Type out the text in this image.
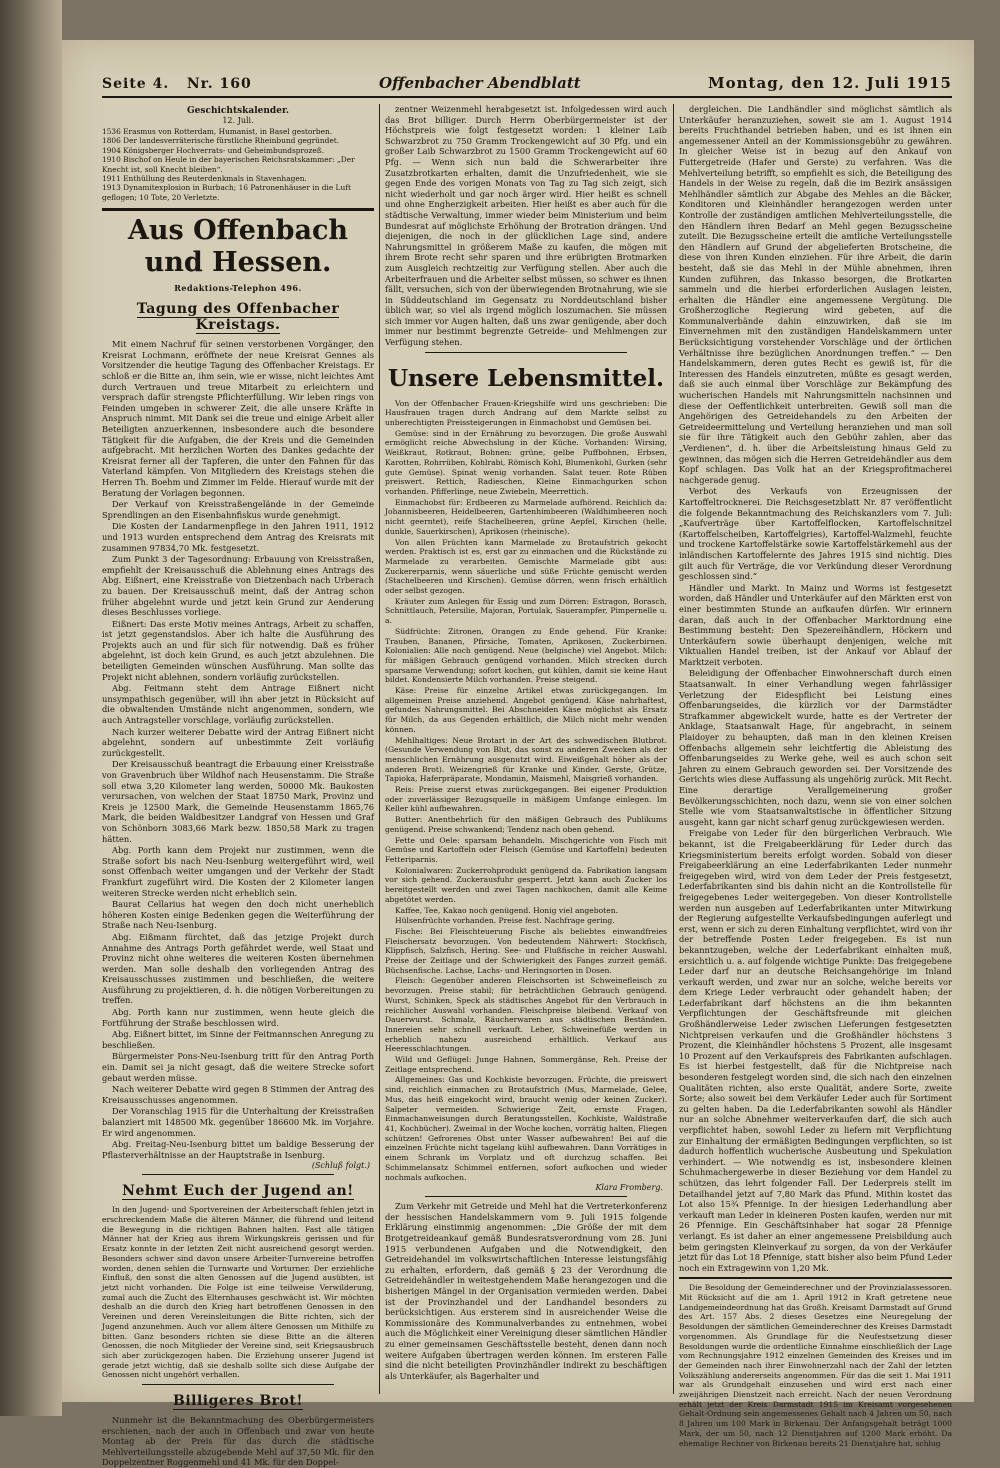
Seite 4. Nr. 160	Offenbacher Abendblatt	Montag, den 12. Juli 1915
Geschichtskalender.
12. Juli.

1536 Erasmus von Rotterdam, Humanist, in Basel gestorben.

1806 Der landesverräterische fürstliche Rheinbund gegründet.

1904 Königsberger Hochverrats- und Geheimbundsprozeß.

1910 Bischof on Heule in der bayerischen Reichsratskammer: „Der Knecht ist, soll Knecht bleiben“.

1911 Enthüllung des Reuterdenkmals in Stavenhagen.

1913 Dynamitexplosion in Burbach; 16 Patronenhäuser in die Luft geflogen; 10 Tote, 20 Verletzte.

Aus Offenbach und Hessen.
Redaktions-Telephon 496.
Tagung des Offenbacher Kreistags.

Mit einem Nachruf für seinen verstorbenen Vorgänger, den Kreisrat Lochmann, eröffnete der neue Kreisrat Gennes als Vorsitzender die heutige Tagung des Offenbacher Kreistags. Er schloß er die Bitte an, ihm sein, wie er wisse, nicht leichtes Amt durch Vertrauen und treue Mitarbeit zu erleichtern und versprach dafür strengste Pflichterfüllung. Wir leben rings von Feinden umgeben in schwerer Zeit, die alle unsere Kräfte in Anspruch nimmt. Mit Dank sei die treue und einige Arbeit aller Beteiligten anzuerkennen, insbesondere auch die besondere Tätigkeit für die Aufgaben, die der Kreis und die Gemeinden aufgebracht. Mit herzlichen Worten des Dankes gedachte der Kreisrat ferner all der Tapferen, die unter den Fahnen für das Vaterland kämpfen. Von Mitgliedern des Kreistags stehen die Herren Th. Boehm und Zimmer im Felde. Hierauf wurde mit der Beratung der Vorlagen begonnen.

Der Verkauf von Kreisstraßengelände in der Gemeinde Sprendlingen an den Eisenbahnfiskus wurde genehmigt.

Die Kosten der Landarmenpflege in den Jahren 1911, 1912 und 1913 wurden entsprechend dem Antrag des Kreisrats mit zusammen 97834,70 Mk. festgesetzt.

Zum Punkt 3 der Tagesordnung: Erbauung von Kreisstraßen, empfiehlt der Kreisausschuß die Ablehnung eines Antrags des Abg. Eißnert, eine Kreisstraße von Dietzenbach nach Urberach zu bauen. Der Kreisausschuß meint, daß der Antrag schon früher abgelehnt wurde und jetzt kein Grund zur Aenderung dieses Beschlusses vorliege.

Eißnert: Das erste Motiv meines Antrags, Arbeit zu schaffen, ist jetzt gegenstandslos. Aber ich halte die Ausführung des Projekts auch an und für sich für notwendig. Daß es früher abgelehnt, ist doch kein Grund, es auch jetzt abzulehnen. Die beteiligten Gemeinden wünschen Ausführung. Man sollte das Projekt nicht ablehnen, sondern vorläufig zurückstellen.

Abg. Feitmann steht dem Antrage Eißnert nicht unsympathisch gegenüber, will ihn aber jetzt in Rücksicht auf die obwaltenden Umstände nicht angenommen, sondern, wie auch Antragsteller vorschlage, vorläufig zurückstellen.

Nach kurzer weiterer Debatte wird der Antrag Eißnert nicht abgelehnt, sondern auf unbestimmte Zeit vorläufig zurückgestellt.

Der Kreisausschuß beantragt die Erbauung einer Kreisstraße von Gravenbruch über Wildhof nach Heusenstamm. Die Straße soll etwa 3,20 Kilometer lang werden, 50000 Mk. Baukosten verursachen, von welchen der Staat 18750 Mark, Provinz und Kreis je 12500 Mark, die Gemeinde Heusenstamm 1865,76 Mark, die beiden Waldbesitzer Landgraf von Hessen und Graf von Schönborn 3083,66 Mark bezw. 1850,58 Mark zu tragen hätten.

Abg. Porth kann dem Projekt nur zustimmen, wenn die Straße sofort bis nach Neu-Isenburg weitergeführt wird, weil sonst Offenbach weiter umgangen und der Verkehr der Stadt Frankfurt zugeführt wird. Die Kosten der 2 Kilometer langen weiteren Strecke werden nicht erheblich sein.

Baurat Cellarius hat wegen den doch nicht unerheblich höheren Kosten einige Bedenken gegen die Weiterführung der Straße nach Neu-Isenburg.

Abg. Eißmann fürchtet, daß das jetzige Projekt durch Annahme des Antrags Porth gefährdet werde, weil Staat und Provinz nicht ohne weiteres die weiteren Kosten übernehmen werden. Man solle deshalb den vorliegenden Antrag des Kreisausschusses zustimmen und beschließen, die weitere Ausführung zu projektieren, d. h. die nötigen Vorbereitungen zu treffen.

Abg. Porth kann nur zustimmen, wenn heute gleich die Fortführung der Straße beschlossen wird.

Abg. Eißnert bittet, im Sinne der Feitmannschen Anregung zu beschließen.

Bürgermeister Pons-Neu-Isenburg tritt für den Antrag Porth ein. Damit sei ja nicht gesagt, daß die weitere Strecke sofort gebaut werden müsse.

Nach weiterer Debatte wird gegen 8 Stimmen der Antrag des Kreisausschusses angenommen.

Der Voranschlag 1915 für die Unterhaltung der Kreisstraßen balanziert mit 148500 Mk. gegenüber 186600 Mk. im Vorjahre. Er wird angenommen.

Abg. Freitag-Neu-Isenburg bittet um baldige Besserung der Pflasterverhältnisse an der Hauptstraße in Isenburg.

(Schluß folgt.)
Nehmt Euch der Jugend an!

In den Jugend- und Sportvereinen der Arbeiterschaft fehlen jetzt in erschreckendem Maße die älteren Männer, die führend und leitend die Bewegung in die richtigen Bahnen halten. Fast alle tätigen Männer hat der Krieg aus ihrem Wirkungskreis gerissen und für Ersatz konnte in der letzten Zeit nicht ausreichend gesorgt werden. Besonders schwer sind davon unsere Arbeiter-Turnvereine betroffen worden, denen sehlen die Turnwarte und Vorturner. Der erziehliche Einfluß, den sonst die alten Genossen auf die Jugend ausübten, ist jetzt nicht vorhanden. Die Folge ist eine teilweise Verwilderung, zumal auch die Zucht des Elternhauses geschwächt ist. Wir möchten deshalb an die durch den Krieg hart betroffenen Genossen in den Vereinen und deren Vereinsleitungen die Bitte richten, sich der Jugend anzunehmen. Auch vor allem ältere Genossen um Mithilfe zu bitten. Ganz besonders richten sie diese Bitte an die älteren Genossen, die noch Mitglieder der Vereine sind, seit Kriegsausbruch sich aber zurückgezogen haben. Die Erziehung unserer Jugend ist gerade jetzt wichtig, daß sie deshalb sollte sich diese Aufgabe der Genossen nicht ungehört verhallen.

Billigeres Brot!

Nunmehr ist die Bekanntmachung des Oberbürgermeisters erschienen, nach der auch in Offenbach und zwar von heute Montag ab der Preis für das durch die städtische Mehlverteilungsstelle abzugebende Mehl auf 37,50 Mk. für den Doppelzentner Roggenmehl und 41 Mk. für den Doppel-

zentner Weizenmehl herabgesetzt ist. Infolgedessen wird auch das Brot billiger. Durch Herrn Oberbürgermeister ist der Höchstpreis wie folgt festgesetzt worden: 1 kleiner Laib Schwarzbrot zu 750 Gramm Trockengewicht auf 30 Pfg. und ein großer Laib Schwarzbrot zu 1500 Gramm Trockengewicht auf 60 Pfg. — Wenn sich nun bald die Schwerarbeiter ihre Zusatzbrotkarten erhalten, damit die Unzufriedenheit, wie sie gegen Ende des vorigen Monats von Tag zu Tag sich zeigt, sich nicht wiederholt und gar noch ärger wird. Hier heißt es schnell und ohne Engherzigkeit arbeiten. Hier heißt es aber auch für die städtische Verwaltung, immer wieder beim Ministerium und beim Bundesrat auf möglichste Erhöhung der Brotration drängen. Und diejenigen, die noch in der glücklichen Lage sind, andere Nahrungsmittel in größerem Maße zu kaufen, die mögen mit ihrem Brote recht sehr sparen und ihre erübrigten Brotmarken zum Ausgleich rechtzeitig zur Verfügung stellen. Aber auch die Arbeiterfrauen und die Arbeiter selbst müssen, so schwer es ihnen fällt, versuchen, sich von der überwiegenden Brotnahrung, wie sie in Süddeutschland im Gegensatz zu Norddeutschland bisher üblich war, so viel als irgend möglich loszumachen. Sie müssen sich immer vor Augen halten, daß uns zwar genügende, aber doch immer nur bestimmt begrenzte Getreide- und Mehlmengen zur Verfügung stehen.

Unsere Lebensmittel.

Von der Offenbacher Frauen-Kriegshilfe wird uns geschrieben: Die Hausfrauen tragen durch Andrang auf dem Markte selbst zu unberechtigten Preissteigerungen in Einmachobst und Gemüsen bei.

Gemüse: sind in der Ernährung zu bevorzugen. Die große Auswahl ermöglicht reiche Abwechslung in der Küche. Vorhanden: Wirsing, Weißkraut, Rotkraut, Bohnen: grüne, gelbe Puffbohnen, Erbsen, Karotten, Rohrrüben, Kohlrabi, Römisch Kohl, Blumenkohl, Gurken (sehr gute Gemüse). Spinat wenig vorhanden. Salat teuer. Rote Rüben preiswert. Rettich, Radieschen, Kleine Einmachgurken schon vorhanden. Pfifferlinge, neue Zwiebeln, Meerrettich.

Einmachobst für: Erdbeeren zu Marmelade aufhörend. Reichlich da: Johannisbeeren, Heidelbeeren, Gartenhimbeeren (Waldhimbeeren noch nicht geerntet), reife Stachelbeeren, grüne Aepfel, Kirschen (helle, dunkle, Sauerkirschen), Aprikosen (rheinische).

Von allen Früchten kann Marmelade zu Brotaufstrich gekocht werden. Praktisch ist es, erst gar zu einmachen und die Rückstände zu Marmelade zu verarbeiten. Gemischte Marmelade gibt aus: Zuckererparnis, wenn säuerliche und süße Früchte gemischt werden (Stachelbeeren und Kirschen). Gemüse dörren, wenn frisch erhältlich oder selbst gezogen.

Kräuter zum Anlegen für Essig und zum Dörren: Estragon, Borasch, Schnittlauch, Petersilie, Majoran, Portulak, Sauerampfer, Pimpernelle u. a.

Südfrüchte: Zitronen, Orangen zu Ende gehend. Für Kranke: Trauben, Bananen, Pfirsiche, Tomaten, Aprikosen, Zuckerbirnen. Kolonialien: Alle noch genügend. Neue (belgische) viel Angebot. Milch: für mäßigen Gebrauch genügend vorhanden. Milch strecken durch sparsame Verwendung; sofort kochen, gut kühlen, damit sie keine Haut bildet. Kondensierte Milch vorhanden. Preise steigend.

Käse: Preise für einzelne Artikel etwas zurückgegangen. Im allgemeinen Preise anziehend. Angebot genügend. Käse nahrhaftest, gefundes Nahrungsmittel. Bei Abschneiden Käse möglichst als Ersatz für Milch, da aus Gegenden erhältlich, die Milch nicht mehr wenden können.

Mehlhaltiges: Neue Brotart in der Art des schwedischen Blutbrot. (Gesunde Verwendung von Blut, das sonst zu anderen Zwecken als der menschlichen Ernährung ausgenutzt wird. Eiweißgehalt höher als der anderen Brot). Weizengrieß für Kranke und Kinder. Gerste, Grütze, Tapioka, Haferpräparate, Mondamin, Maismehl, Maisgrieß vorhanden.

Reis: Preise zuerst etwas zurückgegangen. Bei eigener Produktion oder zuverlässiger Bezugsquelle in mäßigem Umfange einlegen. Im Keller kühl aufbewahren.

Butter: Anentbehrlich für den mäßigen Gebrauch des Publikums genügend. Preise schwankend; Tendenz nach oben gehend.

Fette und Oele: sparsam behandeln. Mischgerichte von Fisch mit Gemüse und Kartoffeln oder Fleisch (Gemüse und Kartoffeln) bedeuten Fetteriparnis.

Kolonialwaren: Zuckerrohprodukt genügend da. Fabrikation langsam vor sich gehend. Zuckerausfuhr gesperrt. Jetzt kann auch Zucker los bereitgestellt werden und zwei Tagen nachkochen, damit alle Keime abgetötet werden.

Kaffee, Tee, Kakao noch genügend. Honig viel angeboten.

Hülsenfrüchte vorhanden. Preise fest. Nachfrage gering.

Fische: Bei Fleischteuerung Fische als beliebtes einwandfreies Fleischersatz bevorzugen. Von bedeutendem Nährwert: Stockfisch, Klippfisch, Salzfisch, Hering. See- und Flußfische in reicher Auswahl. Preise der Zeitlage und der Schwierigkeit des Fanges zurzeit gemäß. Büchsenfische. Lachse, Lachs- und Heringsorten in Dosen.

Fleisch: Gegenüber anderen Fleischsorten ist Schweinefleisch zu bevorzugen. Preise stabil; für beträchtlichen Gebrauch genügend. Wurst, Schinken, Speck als städtisches Angebot für den Verbrauch in reichlicher Auswahl vorhanden. Fleischpreise bleibend. Verkauf von Dauerwurst. Schmalz, Räucherwaren aus städtischen Beständen. Innereien sehr schnell verkauft. Leber, Schweinefüße werden in erheblich nahezu ausreichend erhältlich. Verkauf aus Heeresschlachtungen.

Wild und Geflügel: Junge Hahnen, Sommergänse, Reh. Preise der Zeitlage entsprechend.

Allgemeines: Gas und Kochkiste bevorzugen. Früchte, die preiswert sind, reichlich einmachen zu Brotaufstrich (Mus, Marmelade, Gelee, Mus, das heiß eingekocht wird, braucht wenig oder keinen Zucker). Salpeter vermeiden. Schwierige Zeit, ernste Fragen, Einmachanweisungen durch Beratungsstellen, Kochkiste, Waldstraße 41, Kochbücher). Zweimal in der Woche kochen, vorrätig halten, Fliegen schützen! Gefrorenes Obst unter Wasser aufbewahren! Bei auf die einzelnen Früchte nicht tagelang kühl aufbewahren. Dann Vorrätiges in einem Schrank im Vorplatz und oft durchzug schaffen. Bei Schimmelansatz Schimmel entfernen, sofort aufkochen und wieder nochmals aufkochen.

Klara Fromberg.

Zum Verkehr mit Getreide und Mehl hat die Vertreterkonferenz der hessischen Handelskammern vom 9. Juli 1915 folgende Erklärung einstimmig angenommen: „Die Größe der mit dem Brotgetreideankauf gemäß Bundesratsverordnung vom 28. Juni 1915 verbundenen Aufgaben und die Notwendigkeit, den Getreidehandel im volkswirtschaftlichen Interesse leistungsfähig zu erhalten, erfordern, daß gemäß § 23 der Verordnung die Getreidehändler in weitestgehendem Maße herangezogen und die bisherigen Mängel in der Organisation vermieden werden. Dabei ist der Provinzhandel und der Landhandel besonders zu berücksichtigen. Aus ersterem sind in ausreichender Weise die Kommissionäre des Kommunalverbandes zu entnehmen, wobei auch die Möglichkeit einer Vereinigung dieser sämtlichen Händler zu einer gemeinsamen Geschäftsstelle besteht, denen dann noch weitere Aufgaben übertragen werden können. Im ersteren Falle sind die nicht beteiligten Provinzhändler indirekt zu beschäftigen als Unterkäufer, als Bagerhalter und

dergleichen. Die Landhändler sind möglichst sämtlich als Unterkäufer heranzuziehen, soweit sie am 1. August 1914 bereits Fruchthandel betrieben haben, und es ist ihnen ein angemessener Anteil an der Kommissionsgebühr zu gewähren. In gleicher Weise ist in bezug auf den Ankauf von Futtergetreide (Hafer und Gerste) zu verfahren. Was die Mehlverteilung betrifft, so empfiehlt es sich, die Beteiligung des Handels in der Weise zu regeln, daß die im Bezirk ansässigen Mehlhändler sämtlich zur Abgabe des Mehles an die Bäcker, Konditoren und Kleinhändler herangezogen werden unter Kontrolle der zuständigen amtlichen Mehlverteilungsstelle, die den Händlern ihren Bedarf an Mehl gegen Bezugsscheine zuteilt. Die Bezugsscheine erteilt die amtliche Verteilungsstelle den Händlern auf Grund der abgelieferten Brotscheine, die diese von ihren Kunden einziehen. Für ihre Arbeit, die darin besteht, daß sie das Mehl in der Mühle abnehmen, ihren Kunden zuführen, das Inkasso besorgen, die Brotkarten sammeln und die hierbei erforderlichen Auslagen leisten, erhalten die Händler eine angemessene Vergütung. Die Großherzogliche Regierung wird gebeten, auf die Kommunalverbände dahin einzuwirken, daß sie im Einvernehmen mit den zuständigen Handelskammern unter Berücksichtigung vorstehender Vorschläge und der örtlichen Verhältnisse ihre bezüglichen Anordnungen treffen.“ — Den Handelskammern, deren gutes Recht es gewiß ist, für die Interessen des Handels einzutreten, müßte es gesagt werden, daß sie auch einmal über Vorschläge zur Bekämpfung des wucherischen Handels mit Nahrungsmitteln nachsinnen und diese der Oeffentlichkeit unterbreiten. Gewiß soll man die Angehörigen des Getreidehandels zu den Arbeiten der Getreideermittelung und Verteilung heranziehen und man soll sie für ihre Tätigkeit auch den Gebühr zahlen, aber das „Verdienen“, d. h. über die Arbeitsleistung hinaus Geld zu gewinnen, das mögen sich die Herren Getreidehändler aus dem Kopf schlagen. Das Volk hat an der Kriegsprofitmacherei nachgerade genug.

Verbot des Verkaufs von Erzeugnissen der Kartoffeltrocknerei. Die Reichsgesetzblatt Nr. 87 veröffentlicht die folgende Bekanntmachung des Reichskanzlers vom 7. Juli: „Kaufverträge über Kartoffelflocken, Kartoffelschnitzel (Kartoffelscheiben, Kartoffelgries), Kartoffel-Walzmehl, feuchte und trockene Kartoffelstärke sowie Kartoffelstärkemehl aus der inländischen Kartoffelernte des Jahres 1915 sind nichtig. Dies gilt auch für Verträge, die vor Verkündung dieser Verordnung geschlossen sind.“

Händler und Markt. In Mainz und Worms ist festgesetzt worden, daß Händler und Unterkäufer auf den Märkten erst von einer bestimmten Stunde an aufkaufen dürfen. Wir erinnern daran, daß auch in der Offenbacher Marktordnung eine Bestimmung besteht: Den Spezereihändlern, Höckern und Unterkäufern sowie überhaupt denjenigen, welche mit Viktualien Handel treiben, ist der Ankauf vor Ablauf der Marktzeit verboten.

Beleidigung der Offenbacher Einwohnerschaft durch einen Staatsanwalt. In einer Verhandlung wegen fahrlässiger Verletzung der Eidespflicht bei Leistung eines Offenbarungseides, die kürzlich vor der Darmstädter Strafkammer abgewickelt wurde, hatte es der Vertreter der Anklage, Staatsanwalt Hage, für angebracht, in seinem Plaidoyer zu behaupten, daß man in den kleinen Kreisen Offenbachs allgemein sehr leichtfertig die Ableistung des Offenbarungseides zu Werke gehe, weil es auch schon seit Jahren zu einem Gebrauch geworden sei. Der Vorsitzende des Gerichts wies diese Auffassung als ungehörig zurück. Mit Recht. Eine derartige Verallgemeinerung großer Bevölkerungsschichten, noch dazu, wenn sie von einer solchen Stelle wie vom Staatsanwaltstische in öffentlicher Sitzung ausgeht, kann gar nicht scharf genug zurückgewiesen werden.

Freigabe von Leder für den bürgerlichen Verbrauch. Wie bekannt, ist die Freigabeerklärung für Leder durch das Kriegsministerium bereits erfolgt worden. Sobald von dieser Freigabeerklärung an eine Lederfabrikanten Leder nunmehr freigegeben wird, wird von dem Leder der Preis festgesetzt, Lederfabrikanten sind bis dahin nicht an die Kontrollstelle für freigegebenes Leder weitergegeben. Von dieser Kontrollstelle werden nun ausgeben auf Lederfabrikanten unter Mitwirkung der Regierung aufgestellte Verkaufsbedingungen auferlegt und erst, wenn er sich zu deren Einhaltung verpflichtet, wird von ihr der betreffende Posten Leder freigegeben. Es ist nun bekanntzugeben, welche der Lederfabrikant einhalten muß, ersichtlich u. a. auf folgende wichtige Punkte: Das freigegebene Leder darf nur an deutsche Reichsangehörige im Inland verkauft werden, und zwar nur an solche, welche bereits vor dem Kriege Leder verbraucht oder gehandelt haben; der Lederfabrikant darf höchstens an die ihm bekannten Verpflichtungen der Geschäftsfreunde mit gleichen Großhändlerweise Leder zwischen Lieferungen festgesetzten Nichtpreisen verkaufen und die Großhändler höchstens 3 Prozent, die Kleinhändler höchstens 5 Prozent, alle insgesamt 10 Prozent auf den Verkaufspreis des Fabrikanten aufschlagen. Es ist hierbei festgestellt, daß für die Nichtpreise nach besonderen festgelegt worden sind, die sich nach den einzelnen Qualitäten richten, also erste Qualität, andere Sorte, zweite Sorte; also soweit bei dem Verkäufer Leder auch für Sortiment zu gelten haben. Da die Lederfabrikanten sowohl als Händler nur an solche Abnehmer weiterverkaufen darf, die sich auch verpflichtet haben, sowohl Leder zu liefern mit Verpflichtung zur Einhaltung der ermäßigten Bedingungen verpflichten, so ist dadurch hoffentlich wucherische Ausbeutung und Spekulation verhindert. — Wie notwendig es ist, insbesondere kleinen Schuhmachergewerbe in dieser Beziehung vor dem Handel zu schützen, das lehrt folgender Fall. Der Lederpreis stellt im Detailhandel jetzt auf 7,80 Mark das Pfund. Mithin kostet das Lot also 15¾ Pfennige. In der hiesigen Lederhandlung aber verkauft man Leder in kleineren Posten kaufen, werden nur mit 26 Pfennige. Ein Geschäftsinhaber hat sogar 28 Pfennige verlangt. Es ist daher an einer angemessene Preisbildung auch beim geringsten Kleinverkauf zu sorgen, da von der Verkäufer jetzt für das Lot 18 Pfennige, statt bisher also beim Pfund Leder noch ein Extragewinn von 1,20 Mk.

Die Besoldung der Gemeinderechner und der Provinzialassessoren. Mit Rücksicht auf die am 1. April 1912 in Kraft getretene neue Landgemeindeordnung hat das Großh. Kreisamt Darmstadt auf Grund des Art. 157 Abs. 2 dieses Gesetzes eine Neuregelung der Besoldungen der sämtlichen Gemeinderechner des Kreises Darmstadt vorgenommen. Als Grundlage für die Neufestsetzung dieser Besoldungen wurde die ordentliche Einnahme einschließlich der Lage vom Rechnungsjahre 1912 einzelnen Gemeinden des Kreises und im der Gemeinden nach ihrer Einwohnerzahl nach der Zahl der letzten Volkszählung andererseits angenommen. Für das die seit 1. Mai 1911 war als Grundgehalt einzusehen und wird erst nach einer zweijährigen Dienstzeit nach erreicht. Nach der neuen Verordnung erhält jetzt der Kreis Darmstadt 1915 im Kreisamt vorgesehenen Gehalt-Ordnung sein angemessenes Gehalt nach 4 Jahren um 50, nach 8 Jahren um 100 Mark in Birkenau. Der Anfangsgehalt beträgt 1000 Mark, der um 50, nach 12 Dienstjahren auf 1200 Mark erhöht. Da ehemalige Rechner von Birkenau bereits 21 Dienstjahre hat, schlug
